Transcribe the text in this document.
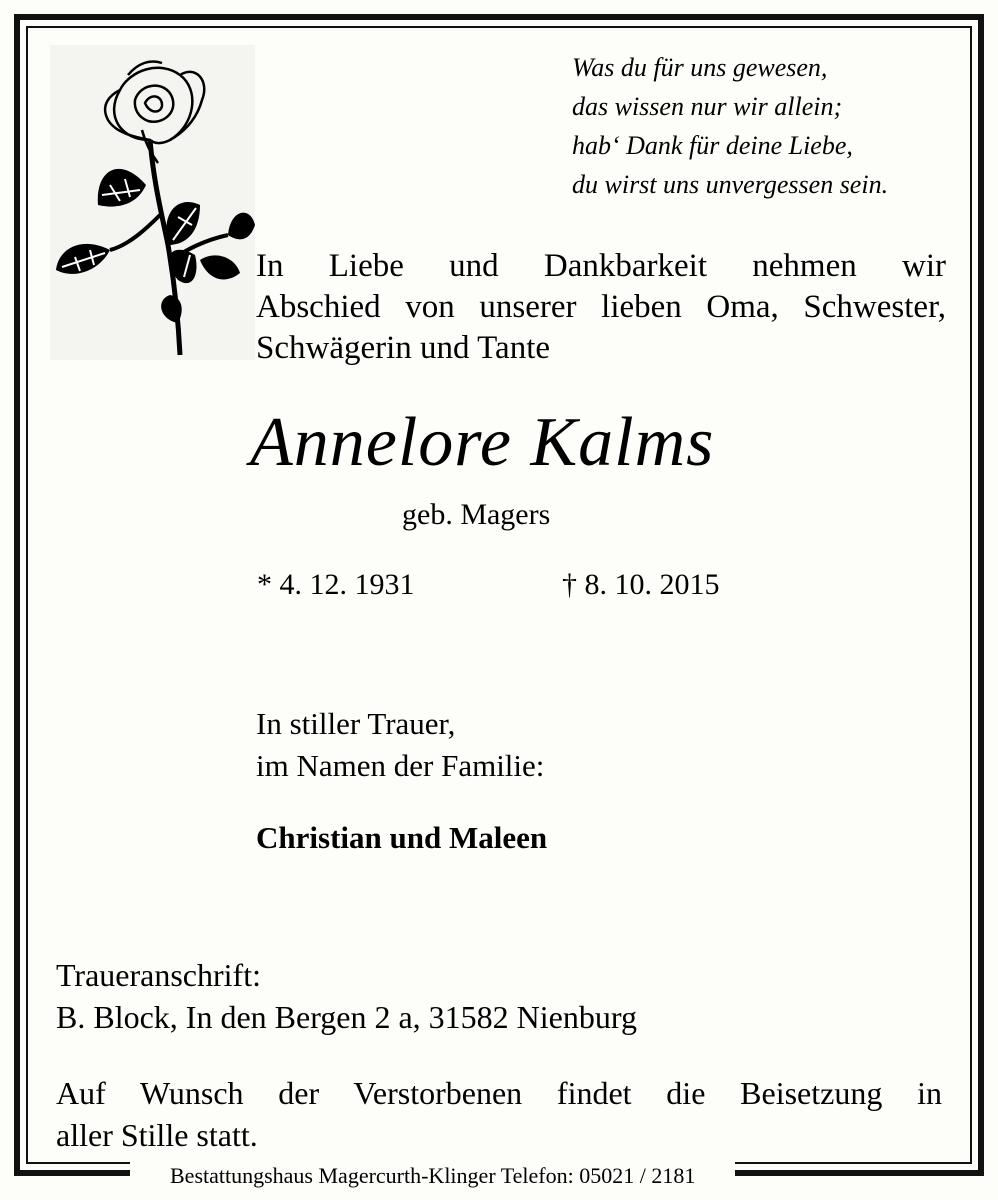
Was du für uns gewesen,
das wissen nur wir allein;
hab‘ Dank für deine Liebe,
du wirst uns unvergessen sein.
In Liebe und Dankbarkeit nehmen wir
Abschied von unserer lieben Oma, Schwester,
Schwägerin und Tante
Annelore Kalms
geb. Magers
* 4. 12. 1931	† 8. 10. 2015
In stiller Trauer,
im Namen der Familie:
Christian und Maleen
Traueranschrift:
B. Block, In den Bergen 2 a, 31582 Nienburg
Auf Wunsch der Verstorbenen findet die Beisetzung in
aller Stille statt.
Bestattungshaus Magercurth-Klinger Telefon: 05021 / 2181
